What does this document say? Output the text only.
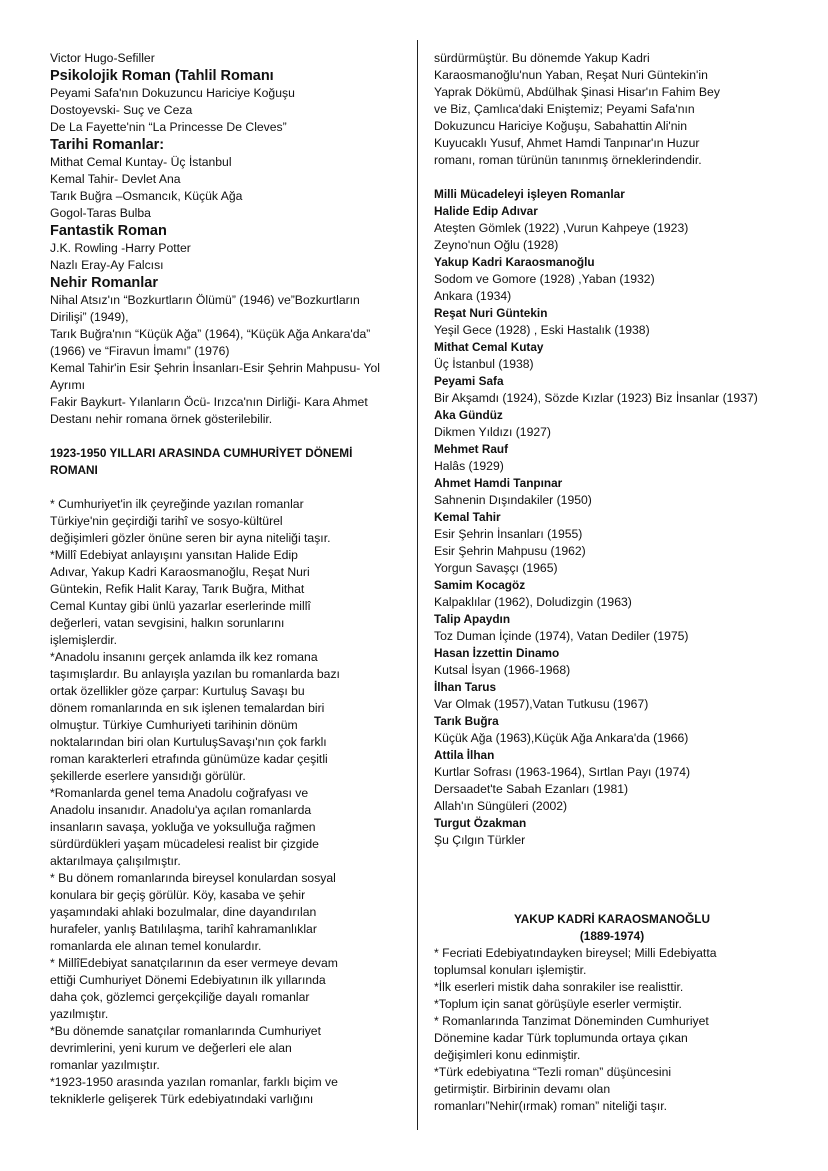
Victor Hugo-Sefiller
Psikolojik Roman (Tahlil Romanı
Peyami Safa'nın Dokuzuncu Hariciye Koğuşu
Dostoyevski- Suç ve Ceza
De La Fayette'nin “La Princesse De Cleves”
Tarihi Romanlar:
Mithat Cemal Kuntay- Üç İstanbul
Kemal Tahir- Devlet Ana
Tarık Buğra –Osmancık, Küçük Ağa
Gogol-Taras Bulba
Fantastik Roman
J.K. Rowling -Harry Potter
Nazlı Eray-Ay Falcısı
Nehir Romanlar
Nihal Atsız'ın “Bozkurtların Ölümü” (1946) ve”Bozkurtların
Dirilişi” (1949),
Tarık Buğra'nın “Küçük Ağa” (1964), “Küçük Ağa Ankara'da”
(1966) ve “Firavun İmamı” (1976)
Kemal Tahir'in Esir Şehrin İnsanları-Esir Şehrin Mahpusu- Yol
Ayrımı
Fakir Baykurt- Yılanların Öcü- Irızca'nın Dirliği- Kara Ahmet
Destanı nehir romana örnek gösterilebilir.
1923-1950 YILLARI ARASINDA CUMHURİYET DÖNEMİ
ROMANI
* Cumhuriyet'in ilk çeyreğinde yazılan romanlar
Türkiye'nin geçirdiği tarihî ve sosyo-kültürel
değişimleri gözler önüne seren bir ayna niteliği taşır.
*Millî Edebiyat anlayışını yansıtan Halide Edip
Adıvar, Yakup Kadri Karaosmanoğlu, Reşat Nuri
Güntekin, Refik Halit Karay, Tarık Buğra, Mithat
Cemal Kuntay gibi ünlü yazarlar eserlerinde millî
değerleri, vatan sevgisini, halkın sorunlarını
işlemişlerdir.
*Anadolu insanını gerçek anlamda ilk kez romana
taşımışlardır. Bu anlayışla yazılan bu romanlarda bazı
ortak özellikler göze çarpar: Kurtuluş Savaşı bu
dönem romanlarında en sık işlenen temalardan biri
olmuştur. Türkiye Cumhuriyeti tarihinin dönüm
noktalarından biri olan KurtuluşSavaşı'nın çok farklı
roman karakterleri etrafında günümüze kadar çeşitli
şekillerde eserlere yansıdığı görülür.
*Romanlarda genel tema Anadolu coğrafyası ve
Anadolu insanıdır. Anadolu'ya açılan romanlarda
insanların savaşa, yokluğa ve yoksulluğa rağmen
sürdürdükleri yaşam mücadelesi realist bir çizgide
aktarılmaya çalışılmıştır.
* Bu dönem romanlarında bireysel konulardan sosyal
konulara bir geçiş görülür. Köy, kasaba ve şehir
yaşamındaki ahlaki bozulmalar, dine dayandırılan
hurafeler, yanlış Batılılaşma, tarihî kahramanlıklar
romanlarda ele alınan temel konulardır.
* MillîEdebiyat sanatçılarının da eser vermeye devam
ettiği Cumhuriyet Dönemi Edebiyatının ilk yıllarında
daha çok, gözlemci gerçekçiliğe dayalı romanlar
yazılmıştır.
*Bu dönemde sanatçılar romanlarında Cumhuriyet
devrimlerini, yeni kurum ve değerleri ele alan
romanlar yazılmıştır.
*1923-1950 arasında yazılan romanlar, farklı biçim ve
tekniklerle gelişerek Türk edebiyatındaki varlığını
sürdürmüştür. Bu dönemde Yakup Kadri
Karaosmanoğlu'nun Yaban, Reşat Nuri Güntekin'in
Yaprak Dökümü, Abdülhak Şinasi Hisar'ın Fahim Bey
ve Biz, Çamlıca'daki Eniştemiz; Peyami Safa'nın
Dokuzuncu Hariciye Koğuşu, Sabahattin Ali'nin
Kuyucaklı Yusuf, Ahmet Hamdi Tanpınar'ın Huzur
romanı, roman türünün tanınmış örneklerindendir.
Milli Mücadeleyi işleyen Romanlar
Halide Edip Adıvar
Ateşten Gömlek (1922) ,Vurun Kahpeye (1923)
Zeyno'nun Oğlu (1928)
Yakup Kadri Karaosmanoğlu
Sodom ve Gomore (1928) ,Yaban (1932)
Ankara (1934)
Reşat Nuri Güntekin
Yeşil Gece (1928) , Eski Hastalık (1938)
Mithat Cemal Kutay
Üç İstanbul (1938)
Peyami Safa
Bir Akşamdı (1924), Sözde Kızlar (1923) Biz İnsanlar (1937)
Aka Gündüz
Dikmen Yıldızı (1927)
Mehmet Rauf
Halâs (1929)
Ahmet Hamdi Tanpınar
Sahnenin Dışındakiler (1950)
Kemal Tahir
Esir Şehrin İnsanları (1955)
Esir Şehrin Mahpusu (1962)
Yorgun Savaşçı (1965)
Samim Kocagöz
Kalpaklılar (1962), Doludizgin (1963)
Talip Apaydın
Toz Duman İçinde (1974), Vatan Dediler (1975)
Hasan İzzettin Dinamo
Kutsal İsyan (1966-1968)
İlhan Tarus
Var Olmak (1957),Vatan Tutkusu (1967)
Tarık Buğra
Küçük Ağa (1963),Küçük Ağa Ankara'da (1966)
Attila İlhan
Kurtlar Sofrası (1963-1964), Sırtlan Payı (1974)
Dersaadet'te Sabah Ezanları (1981)
Allah'ın Süngüleri (2002)
Turgut Özakman
Şu Çılgın Türkler
YAKUP KADRİ KARAOSMANOĞLU
(1889-1974)
* Fecriati Edebiyatındayken bireysel; Milli Edebiyatta
toplumsal konuları işlemiştir.
*İlk eserleri mistik daha sonrakiler ise realisttir.
*Toplum için sanat görüşüyle eserler vermiştir.
* Romanlarında Tanzimat Döneminden Cumhuriyet
Dönemine kadar Türk toplumunda ortaya çıkan
değişimleri konu edinmiştir.
*Türk edebiyatına “Tezli roman” düşüncesini
getirmiştir. Birbirinin devamı olan
romanları”Nehir(ırmak) roman” niteliği taşır.
